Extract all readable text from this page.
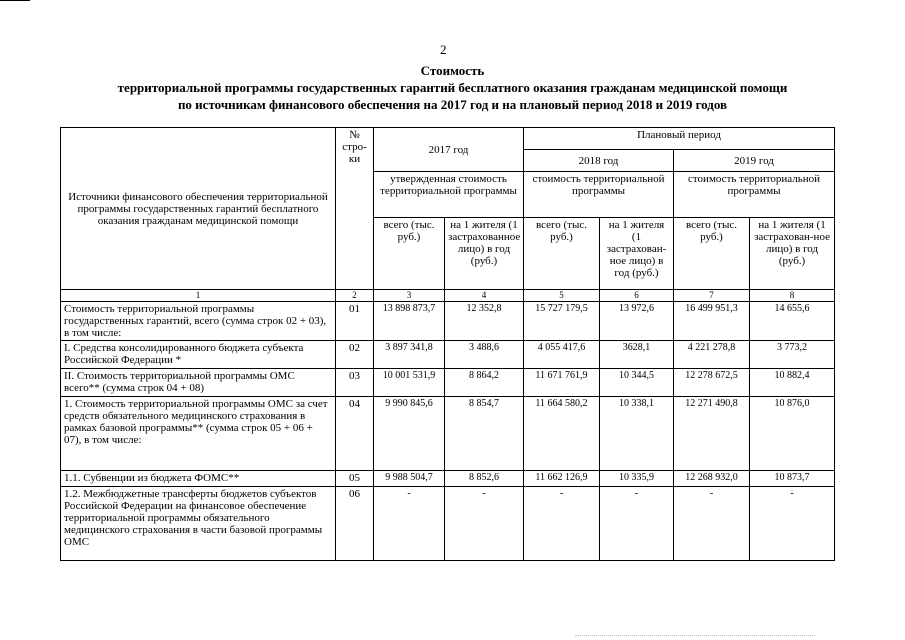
2
Стоимость
территориальной программы государственных гарантий бесплатного оказания гражданам медицинской помощи
по источникам финансового обеспечения на 2017 год и на плановый период 2018 и 2019 годов
Источники финансового обеспечения территориальной программы государственных гарантий бесплатного оказания гражданам медицинской помощи	№ стро-ки	2017 год		Плановый период			
				2018 год		2019 год	
		утвержденная стоимость территориальной программы		стоимость территориальной программы		стоимость территориальной программы	
		всего (тыс. руб.)	на 1 жителя (1 застрахованное лицо) в год (руб.)	всего (тыс. руб.)	на 1 жителя (1 застрахован-ное лицо) в год (руб.)	всего (тыс. руб.)	на 1 жителя (1 застрахован-ное лицо) в год (руб.)

1	2	3	4	5	6	7	8
Стоимость территориальной программы государственных гарантий, всего (сумма строк 02 + 03), в том числе:	01	13 898 873,7	12 352,8	15 727 179,5	13 972,6	16 499 951,3	14 655,6
I. Средства консолидированного бюджета субъекта Российской Федерации *	02	3 897 341,8	3 488,6	4 055 417,6	3628,1	4 221 278,8	3 773,2
II. Стоимость территориальной программы ОМС всего** (сумма строк 04 + 08)	03	10 001 531,9	8 864,2	11 671 761,9	10 344,5	12 278 672,5	10 882,4
1. Стоимость территориальной программы ОМС за счет средств обязательного медицинского страхования в рамках базовой программы** (сумма строк 05 + 06 + 07), в том числе:	04	9 990 845,6	8 854,7	11 664 580,2	10 338,1	12 271 490,8	10 876,0
1.1. Субвенции из бюджета ФОМС**	05	9 988 504,7	8 852,6	11 662 126,9	10 335,9	12 268 932,0	10 873,7
1.2. Межбюджетные трансферты бюджетов субъектов Российской Федерации на финансовое обеспечение территориальной программы обязательного медицинского страхования в части базовой программы ОМС	06	-	-	-	-	-	-
